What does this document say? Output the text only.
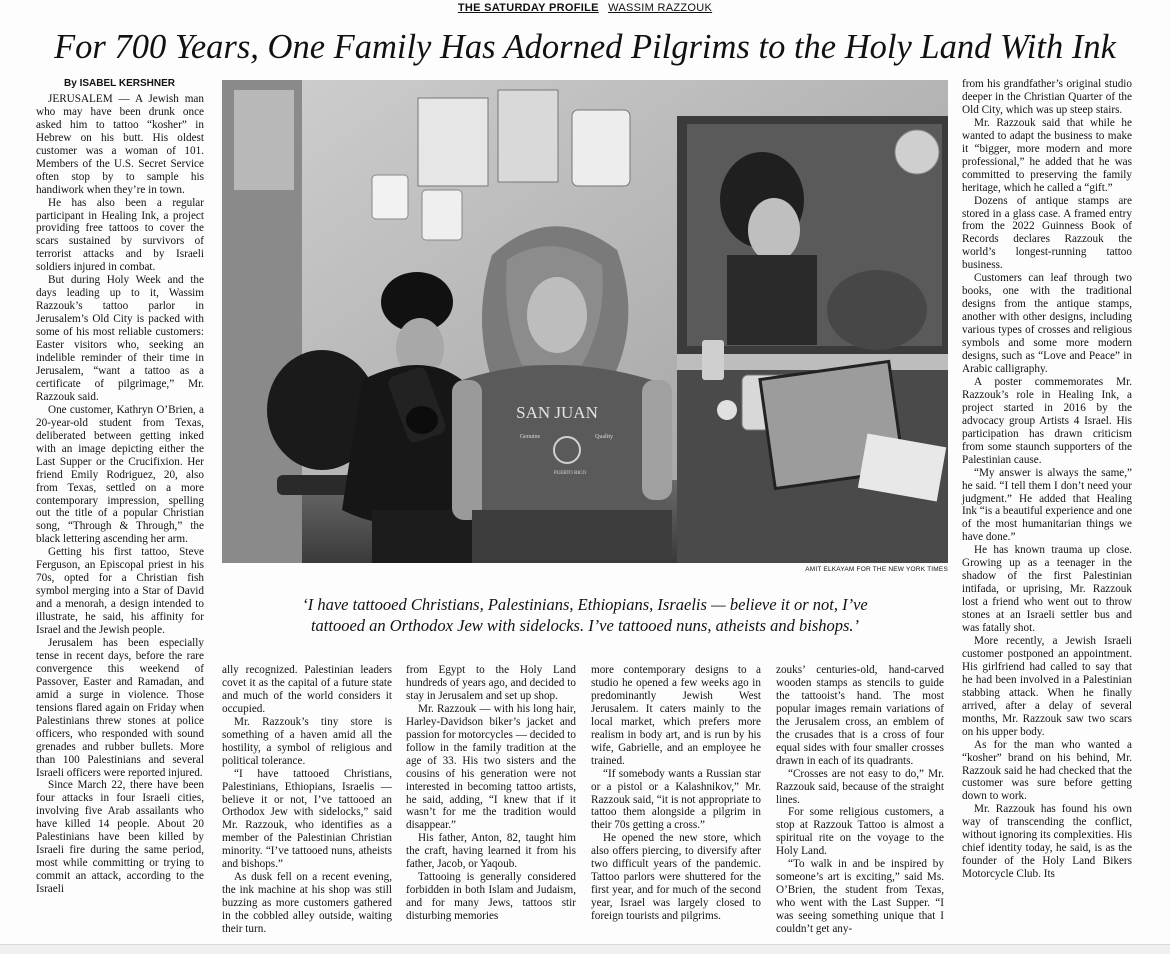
THE SATURDAY PROFILE WASSIM RAZZOUK
For 700 Years, One Family Has Adorned Pilgrims to the Holy Land With Ink

By ISABEL KERSHNER

JERUSALEM — A Jewish man who may have been drunk once asked him to tattoo “kosher” in Hebrew on his butt. His oldest customer was a woman of 101. Members of the U.S. Secret Service often stop by to sample his handiwork when they’re in town.

He has also been a regular participant in Healing Ink, a project providing free tattoos to cover the scars sustained by survivors of terrorist attacks and by Israeli soldiers injured in combat.

But during Holy Week and the days leading up to it, Wassim Razzouk’s tattoo parlor in Jerusalem’s Old City is packed with some of his most reliable customers: Easter visitors who, seeking an indelible reminder of their time in Jerusalem, “want a tattoo as a certificate of pilgrimage,” Mr. Razzouk said.

One customer, Kathryn O’Brien, a 20-year-old student from Texas, deliberated between getting inked with an image depicting either the Last Supper or the Crucifixion. Her friend Emily Rodriguez, 20, also from Texas, settled on a more contemporary impression, spelling out the title of a popular Christian song, “Through & Through,” the black lettering ascending her arm.

Getting his first tattoo, Steve Ferguson, an Episcopal priest in his 70s, opted for a Christian fish symbol merging into a Star of David and a menorah, a design intended to illustrate, he said, his affinity for Israel and the Jewish people.

Jerusalem has been especially tense in recent days, before the rare convergence this weekend of Passover, Easter and Ramadan, and amid a surge in violence. Those tensions flared again on Friday when Palestinians threw stones at police officers, who responded with sound grenades and rubber bullets. More than 100 Palestinians and several Israeli officers were reported injured.

Since March 22, there have been four attacks in four Israeli cities, involving five Arab assailants who have killed 14 people. About 20 Palestinians have been killed by Israeli fire during the same period, most while committing or trying to commit an attack, according to the Israeli

SAN JUAN
Genuine	Quality
PUERTO RICO
AMIT ELKAYAM FOR THE NEW YORK TIMES
‘I have tattooed Christians, Palestinians, Ethiopians, Israelis — believe it or not, I’ve
tattooed an Orthodox Jew with sidelocks. I’ve tattooed nuns, atheists and bishops.’

ally recognized. Palestinian leaders covet it as the capital of a future state and much of the world considers it occupied.

Mr. Razzouk’s tiny store is something of a haven amid all the hostility, a symbol of religious and political tolerance.

“I have tattooed Christians, Palestinians, Ethiopians, Israelis — believe it or not, I’ve tattooed an Orthodox Jew with sidelocks,” said Mr. Razzouk, who identifies as a member of the Palestinian Christian minority. “I’ve tattooed nuns, atheists and bishops.”

As dusk fell on a recent evening, the ink machine at his shop was still buzzing as more customers gathered in the cobbled alley outside, waiting their turn.

from Egypt to the Holy Land hundreds of years ago, and decided to stay in Jerusalem and set up shop.

Mr. Razzouk — with his long hair, Harley-Davidson biker’s jacket and passion for motorcycles — decided to follow in the family tradition at the age of 33. His two sisters and the cousins of his generation were not interested in becoming tattoo artists, he said, adding, “I knew that if it wasn’t for me the tradition would disappear.”

His father, Anton, 82, taught him the craft, having learned it from his father, Jacob, or Yaqoub.

Tattooing is generally considered forbidden in both Islam and Judaism, and for many Jews, tattoos stir disturbing memories

more contemporary designs to a studio he opened a few weeks ago in predominantly Jewish West Jerusalem. It caters mainly to the local market, which prefers more realism in body art, and is run by his wife, Gabrielle, and an employee he trained.

“If somebody wants a Russian star or a pistol or a Kalashnikov,” Mr. Razzouk said, “it is not appropriate to tattoo them alongside a pilgrim in their 70s getting a cross.”

He opened the new store, which also offers piercing, to diversify after two difficult years of the pandemic. Tattoo parlors were shuttered for the first year, and for much of the second year, Israel was largely closed to foreign tourists and pilgrims.

zouks’ centuries-old, hand-carved wooden stamps as stencils to guide the tattooist’s hand. The most popular images remain variations of the Jerusalem cross, an emblem of the crusades that is a cross of four equal sides with four smaller crosses drawn in each of its quadrants.

“Crosses are not easy to do,” Mr. Razzouk said, because of the straight lines.

For some religious customers, a stop at Razzouk Tattoo is almost a spiritual rite on the voyage to the Holy Land.

“To walk in and be inspired by someone’s art is exciting,” said Ms. O’Brien, the student from Texas, who went with the Last Supper. “I was seeing something unique that I couldn’t get any-

from his grandfather’s original studio deeper in the Christian Quarter of the Old City, which was up steep stairs.

Mr. Razzouk said that while he wanted to adapt the business to make it “bigger, more modern and more professional,” he added that he was committed to preserving the family heritage, which he called a “gift.”

Dozens of antique stamps are stored in a glass case. A framed entry from the 2022 Guinness Book of Records declares Razzouk the world’s longest-running tattoo business.

Customers can leaf through two books, one with the traditional designs from the antique stamps, another with other designs, including various types of crosses and religious symbols and some more modern designs, such as “Love and Peace” in Arabic calligraphy.

A poster commemorates Mr. Razzouk’s role in Healing Ink, a project started in 2016 by the advocacy group Artists 4 Israel. His participation has drawn criticism from some staunch supporters of the Palestinian cause.

“My answer is always the same,” he said. “I tell them I don’t need your judgment.” He added that Healing Ink “is a beautiful experience and one of the most humanitarian things we have done.”

He has known trauma up close. Growing up as a teenager in the shadow of the first Palestinian intifada, or uprising, Mr. Razzouk lost a friend who went out to throw stones at an Israeli settler bus and was fatally shot.

More recently, a Jewish Israeli customer postponed an appointment. His girlfriend had called to say that he had been involved in a Palestinian stabbing attack. When he finally arrived, after a delay of several months, Mr. Razzouk saw two scars on his upper body.

As for the man who wanted a “kosher” brand on his behind, Mr. Razzouk said he had checked that the customer was sure before getting down to work.

Mr. Razzouk has found his own way of transcending the conflict, without ignoring its complexities. His chief identity today, he said, is as the founder of the Holy Land Bikers Motorcycle Club. Its
